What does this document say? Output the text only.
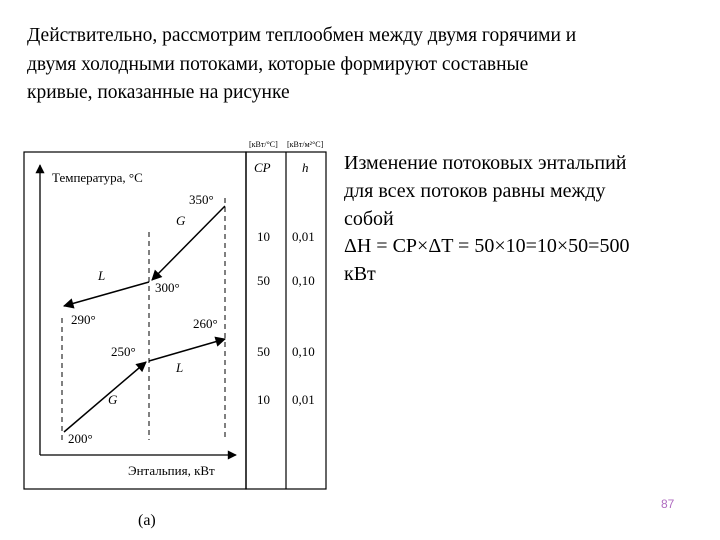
Действительно, рассмотрим теплообмен между двумя горячими и
двумя холодными потоками, которые формируют составные
кривые, показанные на рисунке
Температура, °С
Энтальпия, кВт
G
L
G
L
350°
300°
290°	260°
250°
200°
[кВт/°С] [кВт/м²°С]
CP h
10 0,01
50 0,10
50 0,10
10 0,01
(a)
Изменение потоковых энтальпий
для всех потоков равны между
собой
ΔH = CP×ΔT = 50×10=10×50=500
кВт
87
